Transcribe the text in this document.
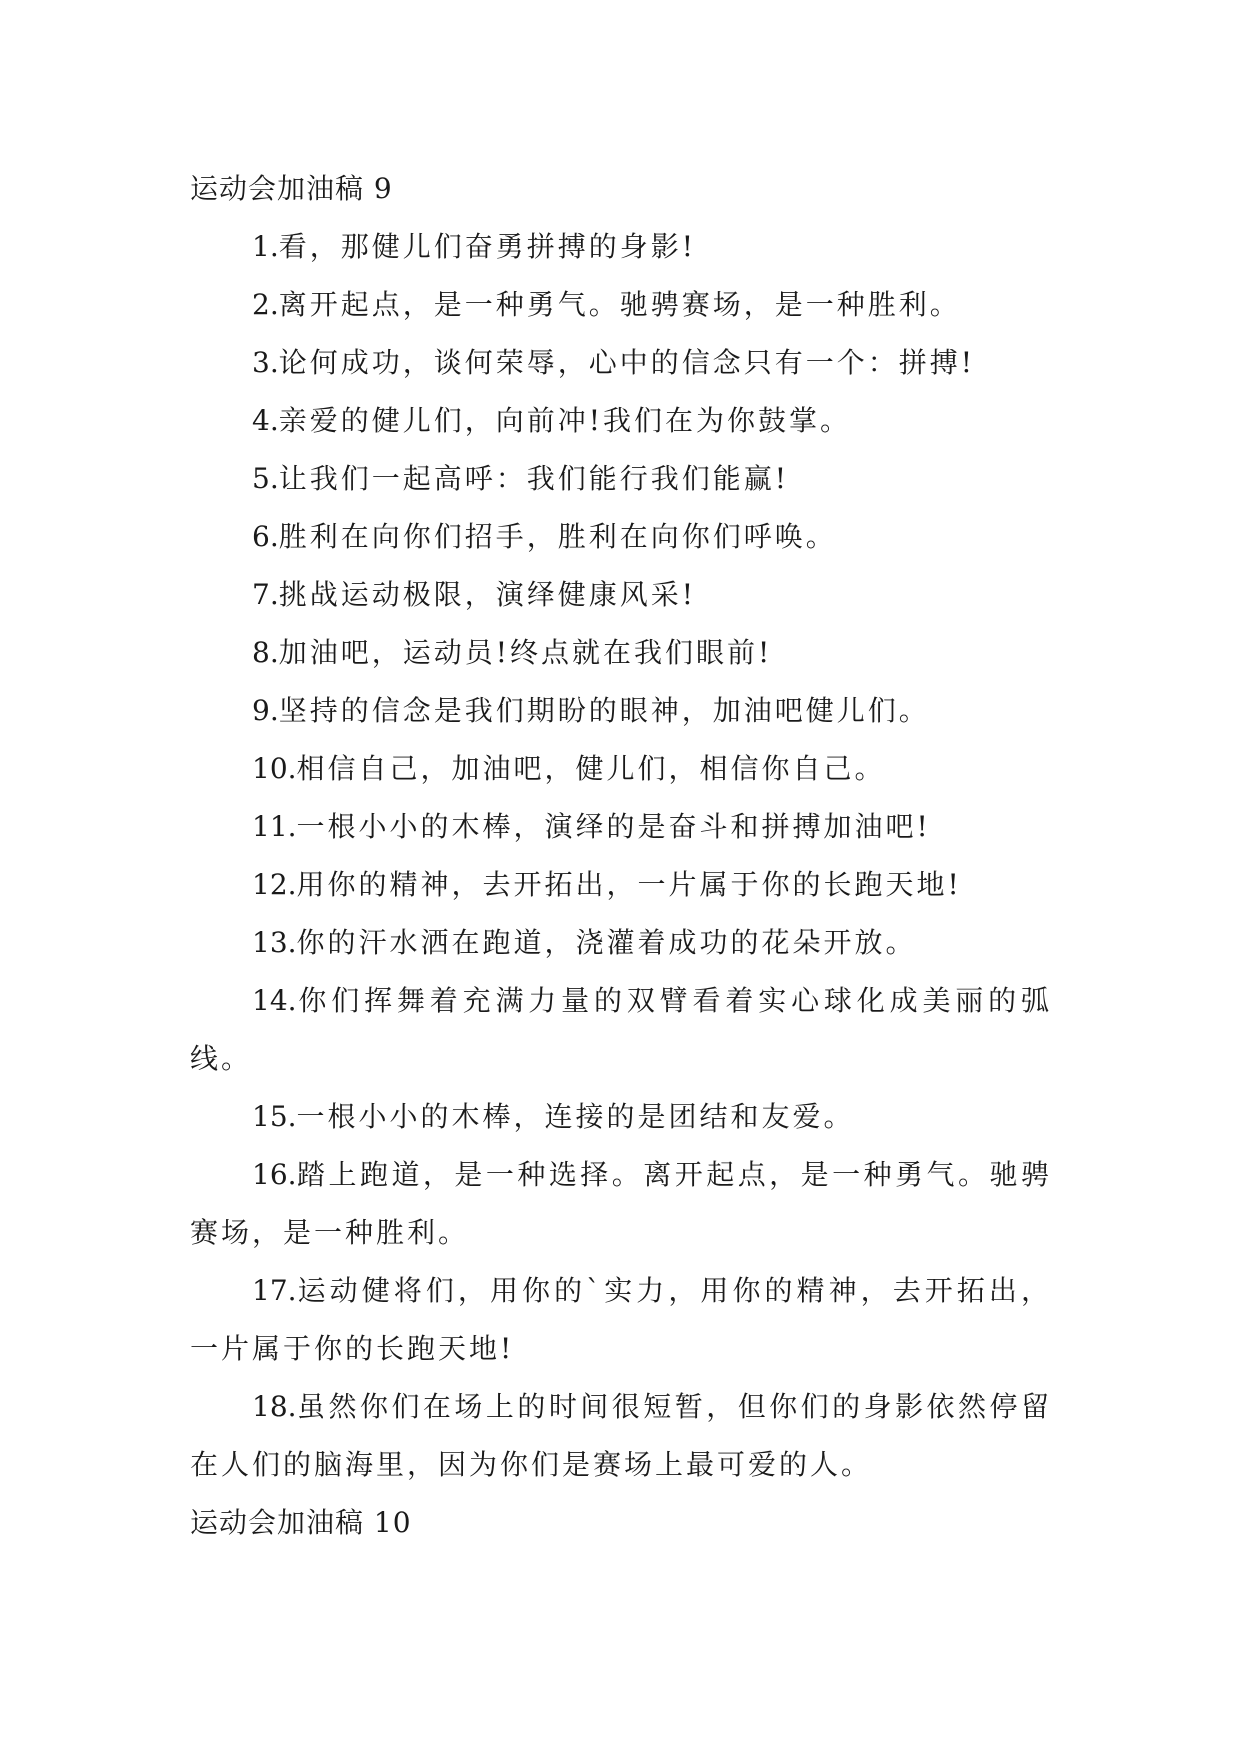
运动会加油稿 9
1.看，那健儿们奋勇拼搏的身影!
2.离开起点，是一种勇气。驰骋赛场，是一种胜利。
3.论何成功，谈何荣辱，心中的信念只有一个：拼搏!
4.亲爱的健儿们，向前冲!我们在为你鼓掌。
5.让我们一起高呼：我们能行我们能赢!
6.胜利在向你们招手，胜利在向你们呼唤。
7.挑战运动极限，演绎健康风采!
8.加油吧，运动员!终点就在我们眼前!
9.坚持的信念是我们期盼的眼神，加油吧健儿们。
10.相信自己，加油吧，健儿们，相信你自己。
11.一根小小的木棒，演绎的是奋斗和拼搏加油吧!
12.用你的精神，去开拓出，一片属于你的长跑天地!
13.你的汗水洒在跑道，浇灌着成功的花朵开放。
14.你们挥舞着充满力量的双臂看着实心球化成美丽的弧线。
15.一根小小的木棒，连接的是团结和友爱。
16.踏上跑道，是一种选择。离开起点，是一种勇气。驰骋赛场，是一种胜利。
17.运动健将们，用你的`实力，用你的精神，去开拓出，一片属于你的长跑天地!
18.虽然你们在场上的时间很短暂，但你们的身影依然停留在人们的脑海里，因为你们是赛场上最可爱的人。
运动会加油稿 10
